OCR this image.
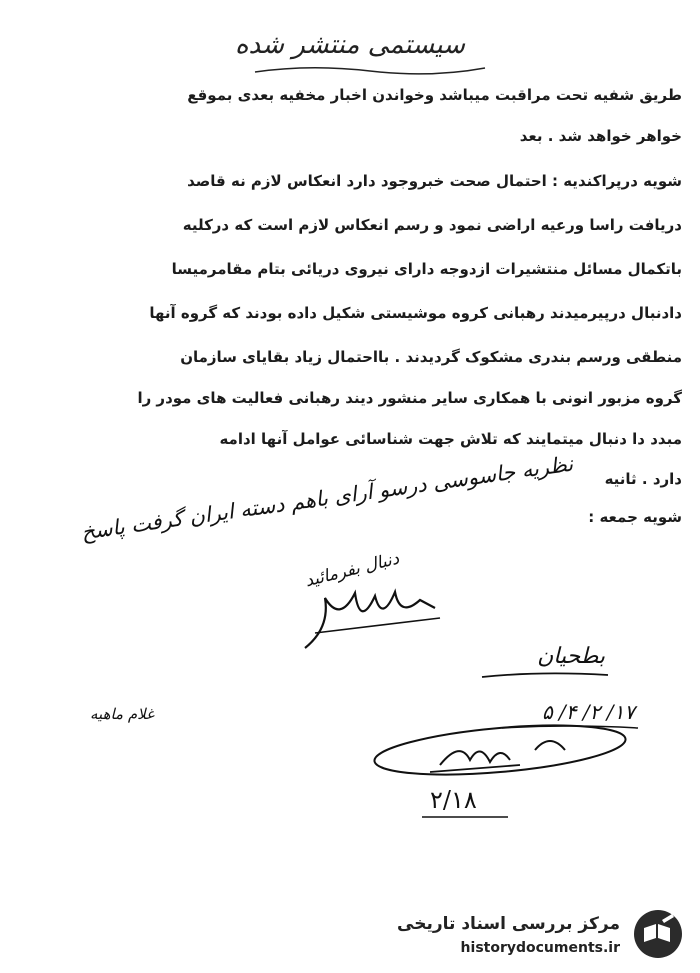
سیستمی منتشر شده
طریق شفیه تحت مراقبت میباشد وخواندن اخبار مخفیه بعدی بموقع
خواهر خواهد شد . بعد
شویه درپراکندیه : احتمال صحت خبروجود دارد انعکاس لازم نه قاصد
دریافت راسا ورعیه اراضی نمود و رسم انعکاس لازم است که درکلیه
باتکمال مسائل منتشیرات ازدوجه دارای نیروی دریائی بتام مقامرمیسا
دادنبال درپیرمیدند رهبانی کروه موشیستی شکیل داده بودند که گروه آنها
منطقی ورسم بندری مشکوک گردیدند . بااحتمال زیاد بقایای سازمان
گروه مزبور انونی با همکاری سایر منشور دیند رهبانی فعالیت های مودر را
مبدد دا دنبال میتمایند که تلاش جهت شناسائی عوامل آنها ادامه
دارد . ثانیه
شویه جمعه :
نظریه جاسوسی درسو آرای باهم دسته ایران گرفت پاسخ
دنبال بفرمائید
بطحیان
۱۷/ ۲/ ۴/ ۵
غلام ماهیه
۲/۱۸
مرکز بررسی اسناد تاریخی
historydocuments.ir
